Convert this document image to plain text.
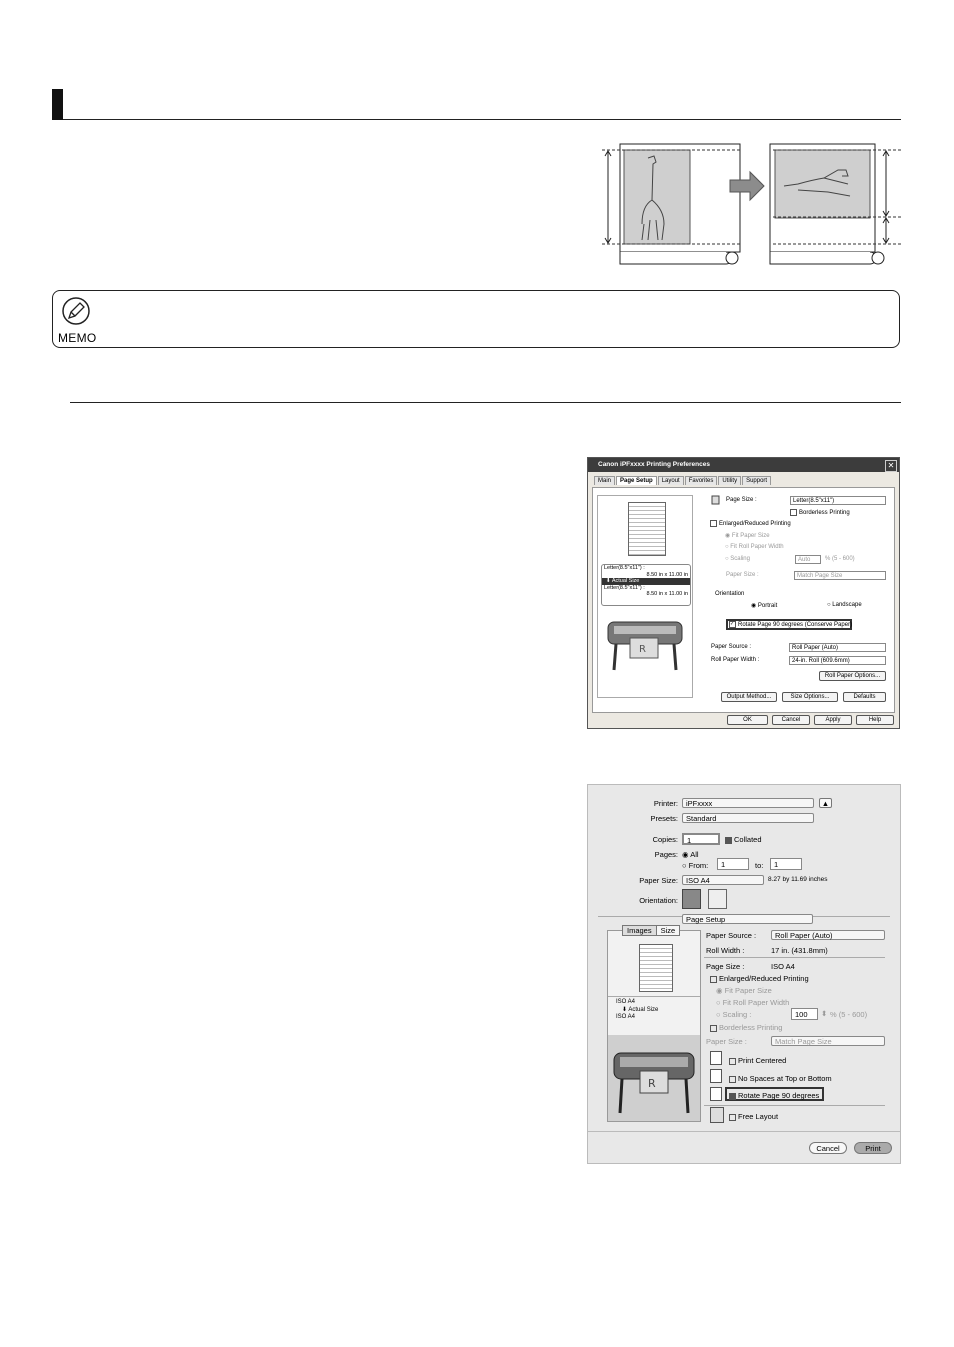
MEMO
Canon iPFxxxx Printing Preferences	✕
Main	Page Setup	Layout	Favorites	Utility	Support
Letter(8.5"x11") :
8.50 in x 11.00 in
⬇ Actual Size
Letter(8.5"x11") :
8.50 in x 11.00 in
R
Page Size :	Letter(8.5"x11")
Borderless Printing
Enlarged/Reduced Printing
◉ Fit Paper Size
○ Fit Roll Paper Width
○ Scaling	Auto	% (5 - 600)
Paper Size :	Match Page Size
Orientation
◉ Portrait	○ Landscape
✓ Rotate Page 90 degrees (Conserve Paper)
Paper Source :	Roll Paper (Auto)
Roll Paper Width :	24-in. Roll (609.6mm)
Roll Paper Options...
Output Method...	Size Options...	Defaults
OK	Cancel	Apply	Help
Printer:	iPFxxxx	▲
Presets:	Standard
Copies:	1	Collated
Pages: ◉ All
○ From:	1	to:	1
Paper Size:	ISO A4	8.27 by 11.69 inches
Orientation:
Page Setup
Images	Size
ISO A4
⬇ Actual Size
ISO A4
R
Paper Source :	Roll Paper (Auto)
Roll Width :	17 in. (431.8mm)
Page Size :	ISO A4
Enlarged/Reduced Printing
◉ Fit Paper Size
○ Fit Roll Paper Width
○ Scaling :	100	⬍ % (5 - 600)
Borderless Printing
Paper Size :	Match Page Size
Print Centered
No Spaces at Top or Bottom
Rotate Page 90 degrees
Free Layout
Cancel	Print
